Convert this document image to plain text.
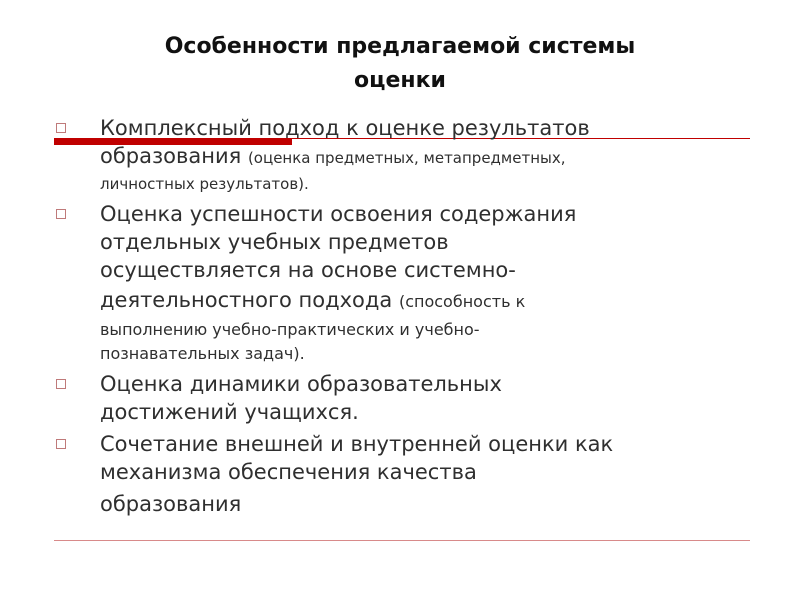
Особенности предлагаемой системы
оценки
Комплексный подход к оценке результатов
образования (оценка предметных, метапредметных,
личностных результатов).
Оценка успешности освоения содержания
отдельных учебных предметов
осуществляется на основе системно-
деятельностного подхода (способность к
выполнению учебно-практических и учебно-
познавательных задач).
Оценка динамики образовательных
достижений учащихся.
Сочетание внешней и внутренней оценки как
механизма обеспечения качества
образования
